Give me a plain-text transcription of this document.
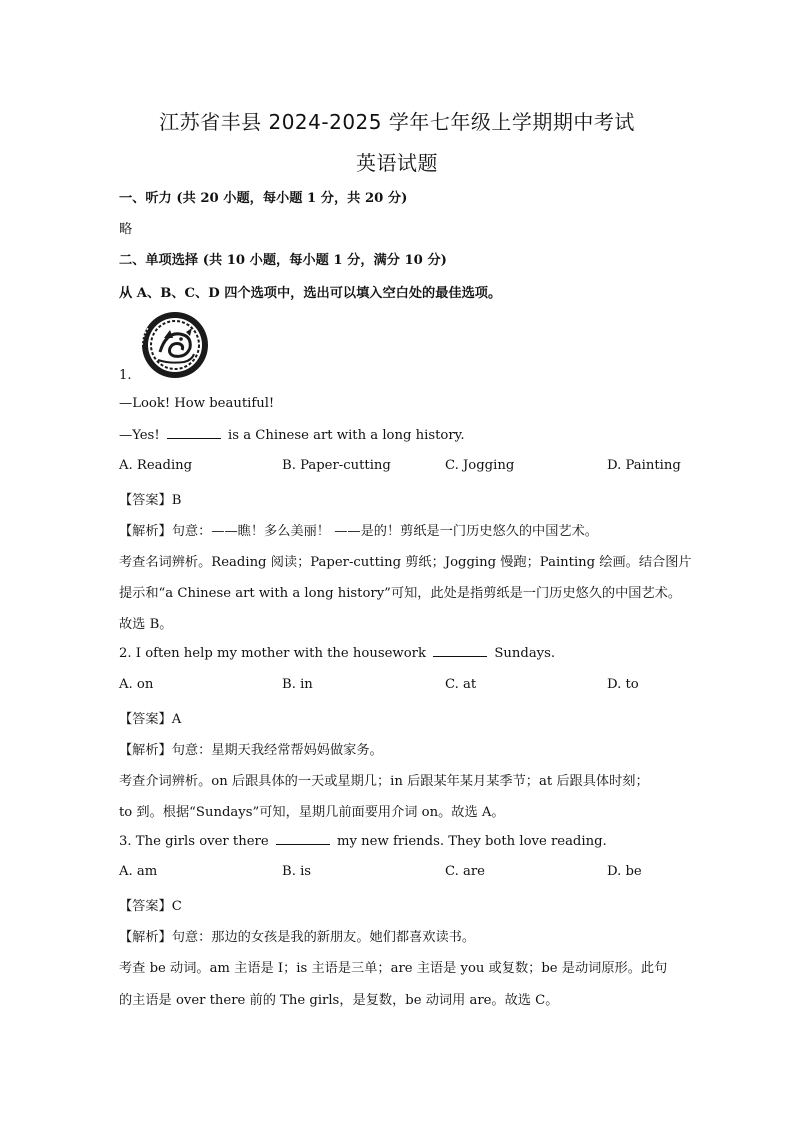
江苏省丰县 2024-2025 学年七年级上学期期中考试
英语试题
一、听力 (共 20 小题，每小题 1 分，共 20 分)
略
二、单项选择 (共 10 小题，每小题 1 分，满分 10 分)
从 A、B、C、D 四个选项中，选出可以填入空白处的最佳选项。
1.
—Look! How beautiful!
—Yes!	is a Chinese art with a long history.
A. Reading	B. Paper-cutting	C. Jogging	D. Painting
【答案】B
【解析】句意：——瞧！多么美丽！ ——是的！剪纸是一门历史悠久的中国艺术。
考查名词辨析。Reading 阅读；Paper-cutting 剪纸；Jogging 慢跑；Painting 绘画。结合图片
提示和“a Chinese art with a long history”可知，此处是指剪纸是一门历史悠久的中国艺术。
故选 B。
2. I often help my mother with the housework	Sundays.
A. on	B. in	C. at	D. to
【答案】A
【解析】句意：星期天我经常帮妈妈做家务。
考查介词辨析。on 后跟具体的一天或星期几；in 后跟某年某月某季节；at 后跟具体时刻；
to 到。根据“Sundays”可知，星期几前面要用介词 on。故选 A。
3. The girls over there	my new friends. They both love reading.
A. am	B. is	C. are	D. be
【答案】C
【解析】句意：那边的女孩是我的新朋友。她们都喜欢读书。
考查 be 动词。am 主语是 I；is 主语是三单；are 主语是 you 或复数；be 是动词原形。此句
的主语是 over there 前的 The girls，是复数，be 动词用 are。故选 C。
